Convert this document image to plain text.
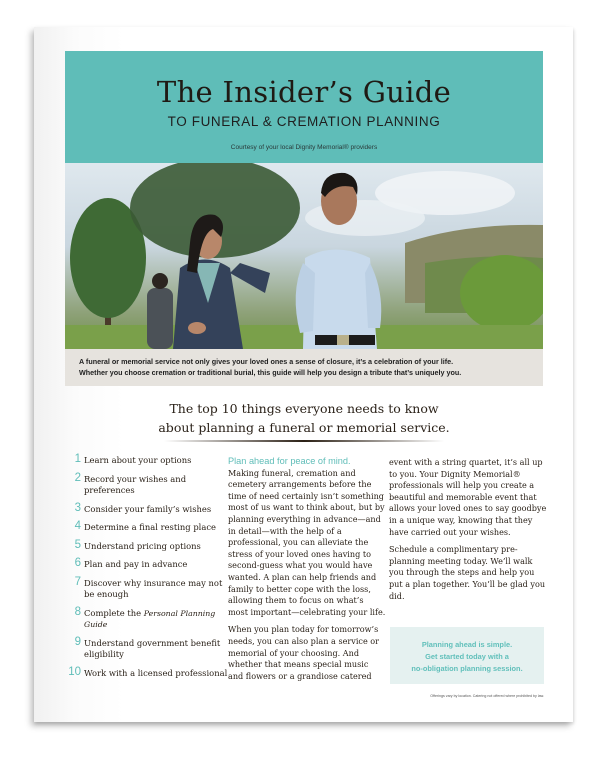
The Insider’s Guide
TO FUNERAL & CREMATION PLANNING
Courtesy of your local Dignity Memorial® providers
A funeral or memorial service not only gives your loved ones a sense of closure, it’s a celebration of your life.
Whether you choose cremation or traditional burial, this guide will help you design a tribute that’s uniquely you.
The top 10 things everyone needs to know
about planning a funeral or memorial service.
1 Learn about your options
2 Record your wishes and preferences
3 Consider your family’s wishes
4 Determine a final resting place
5 Understand pricing options
6 Plan and pay in advance
7 Discover why insurance may not be enough
8 Complete the Personal Planning Guide
9 Understand government benefit eligibility
10 Work with a licensed professional
Plan ahead for peace of mind.

Making funeral, cremation and cemetery arrangements before the time of need certainly isn’t something most of us want to think about, but by planning everything in advance—and in detail—with the help of a professional, you can alleviate the stress of your loved ones having to second-guess what you would have wanted. A plan can help friends and family to better cope with the loss, allowing them to focus on what’s most important—celebrating your life.

When you plan today for tomorrow’s needs, you can also plan a service or memorial of your choosing. And whether that means special music and flowers or a grandiose catered

event with a string quartet, it’s all up to you. Your Dignity Memorial® professionals will help you create a beautiful and memorable event that allows your loved ones to say goodbye in a unique way, knowing that they have carried out your wishes.

Schedule a complimentary pre-planning meeting today. We’ll walk you through the steps and help you put a plan together. You’ll be glad you did.

Planning ahead is simple.
Get started today with a
no-obligation planning session.
Offerings vary by location. Catering not offered where prohibited by law.
